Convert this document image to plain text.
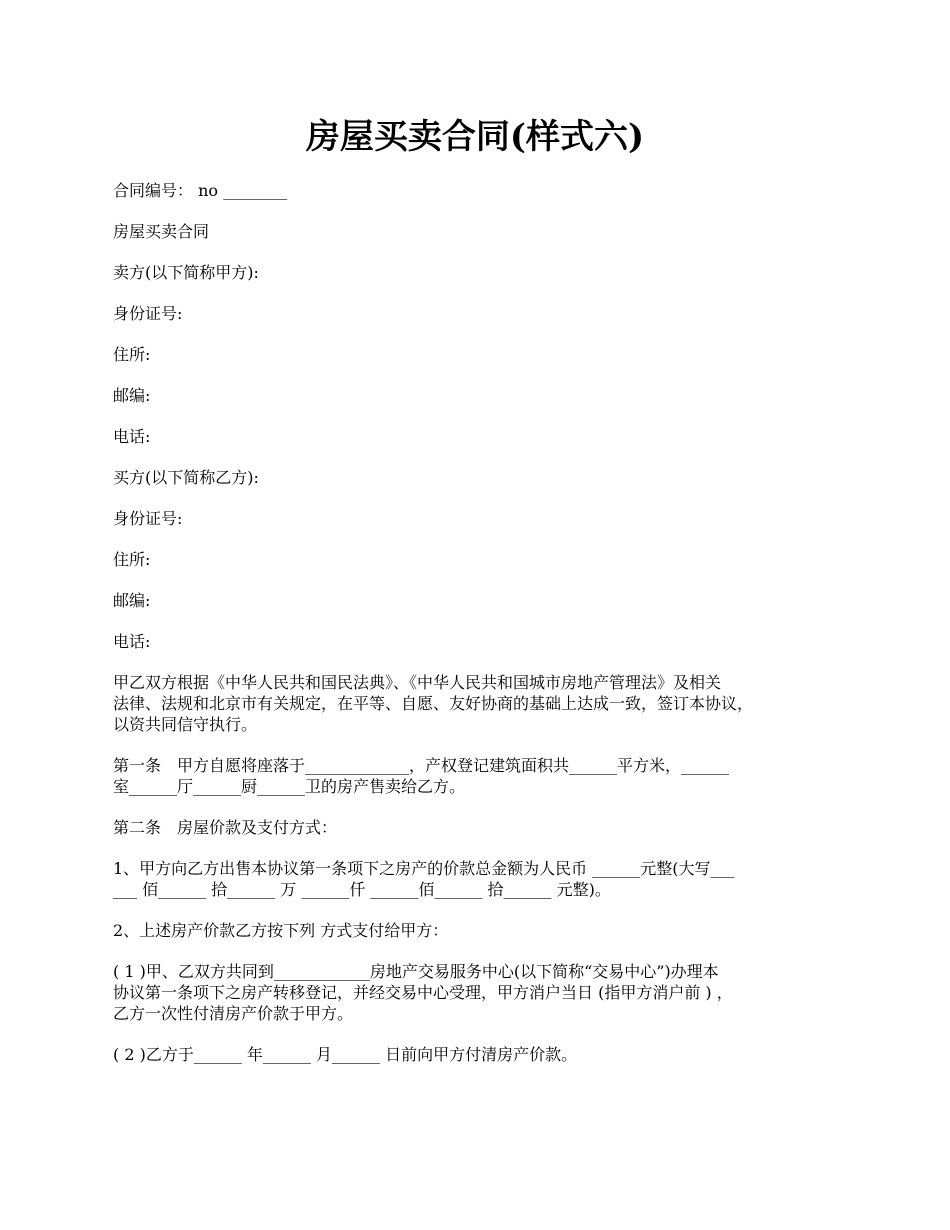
房屋买卖合同(样式六)

合同编号： no ________

房屋买卖合同

卖方(以下简称甲方):

身份证号:

住所:

邮编:

电话:

买方(以下简称乙方):

身份证号:

住所:

邮编:

电话:

甲乙双方根据《中华人民共和国民法典》、《中华人民共和国城市房地产管理法》及相关
法律、法规和北京市有关规定，在平等、自愿、友好协商的基础上达成一致，签订本协议，
以资共同信守执行。
第一条　甲方自愿将座落于_____________，产权登记建筑面积共______平方米，______
室______厅______厨______卫的房产售卖给乙方。

第二条　房屋价款及支付方式：

1、甲方向乙方出售本协议第一条项下之房产的价款总金额为人民币 ______元整(大写___
___ 佰______ 拾______ 万 ______仟 ______佰______ 拾______ 元整)。

2、上述房产价款乙方按下列 方式支付给甲方：

( 1 )甲、乙双方共同到____________房地产交易服务中心(以下简称“交易中心”)办理本
协议第一条项下之房产转移登记，并经交易中心受理，甲方消户当日 (指甲方消户前 ) ，
乙方一次性付清房产价款于甲方。

( 2 )乙方于______ 年______ 月______ 日前向甲方付清房产价款。
